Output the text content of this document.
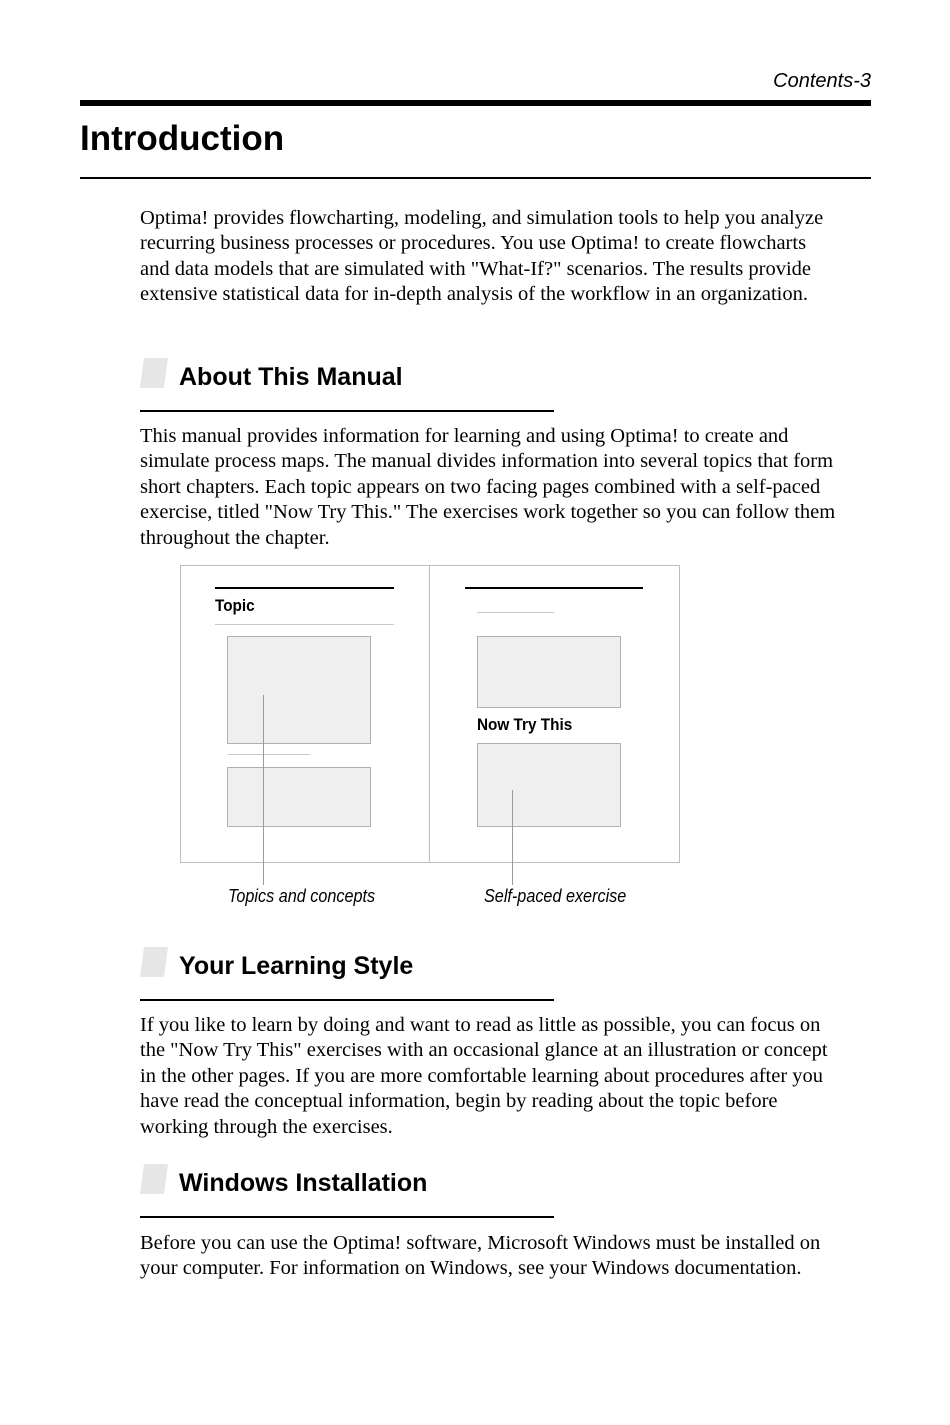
Contents-3
Introduction

Optima! provides flowcharting, modeling, and simulation tools to help you analyze recurring business processes or procedures. You use Optima! to create flowcharts and data models that are simulated with "What-If?" scenarios. The results provide extensive statistical data for in-depth analysis of the workflow in an organization.

About This Manual

This manual provides information for learning and using Optima! to create and simulate process maps. The manual divides information into several topics that form short chapters. Each topic appears on two facing pages combined with a self-paced exercise, titled "Now Try This." The exercises work together so you can follow them throughout the chapter.

Topic
Now Try This
Topics and concepts	Self-paced exercise
Your Learning Style

If you like to learn by doing and want to read as little as possible, you can focus on the "Now Try This" exercises with an occasional glance at an illustration or concept in the other pages. If you are more comfortable learning about procedures after you have read the conceptual information, begin by reading about the topic before working through the exercises.

Windows Installation

Before you can use the Optima! software, Microsoft Windows must be installed on your computer. For information on Windows, see your Windows documentation.
